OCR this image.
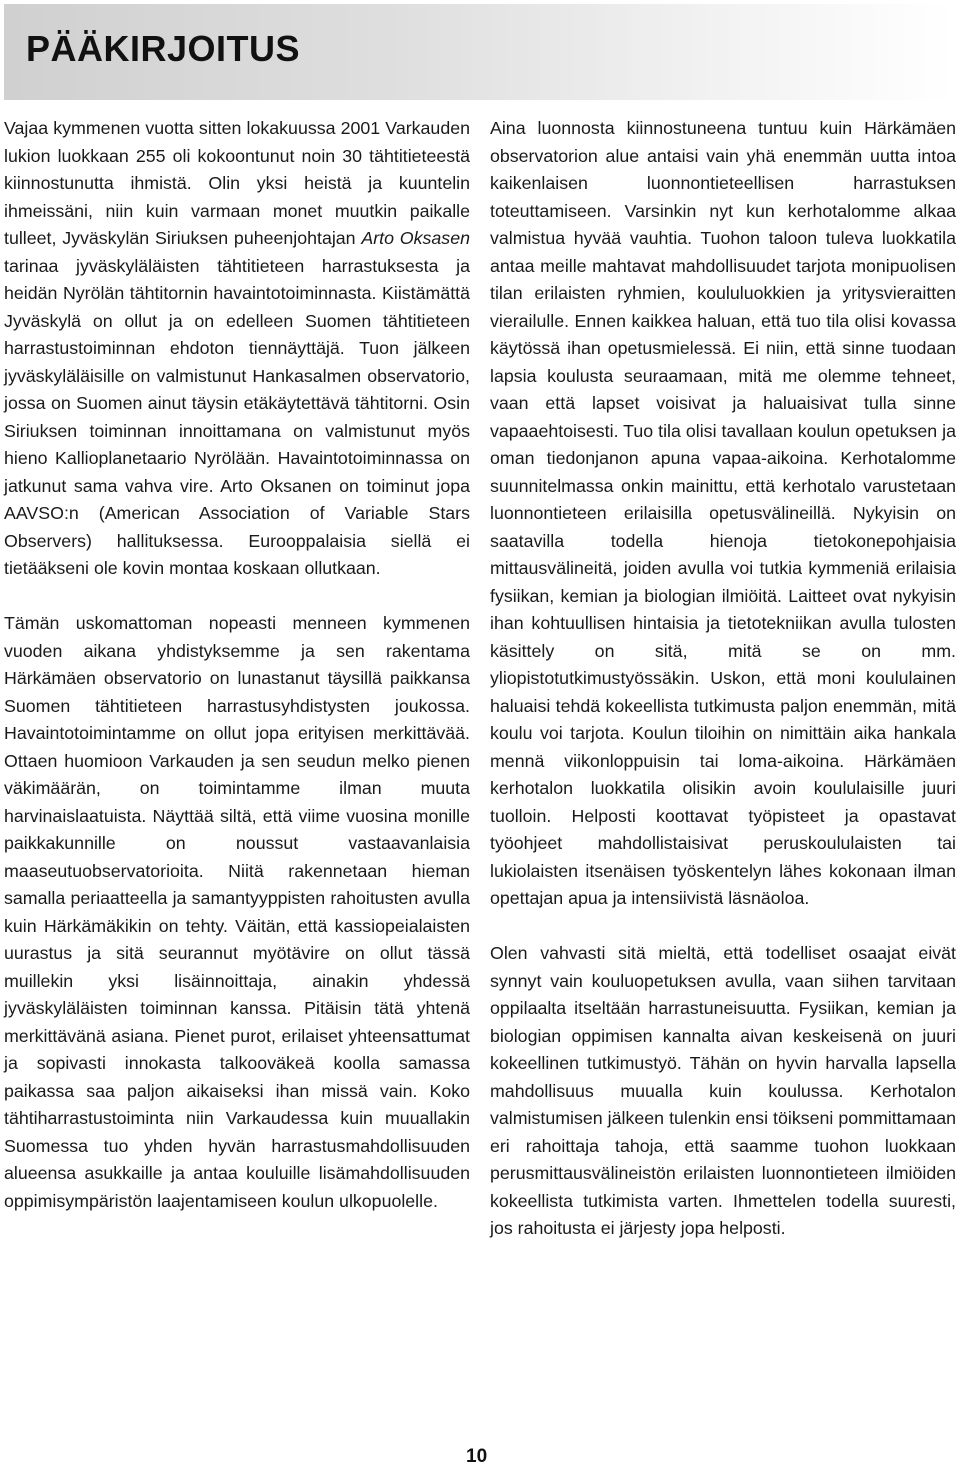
PÄÄKIRJOITUS

Vajaa kymmenen vuotta sitten lokakuussa 2001 Varkauden lukion luokkaan 255 oli kokoontunut noin 30 tähtitieteestä kiinnostunutta ihmistä. Olin yksi heistä ja kuuntelin ihmeissäni, niin kuin varmaan monet muutkin paikalle tulleet, Jyväskylän Siriuksen puheenjohtajan Arto Oksasen tarinaa jyväskyläläisten tähtitieteen harrastuksesta ja heidän Nyrölän tähtitornin havaintotoiminnasta. Kiistämättä Jyväskylä on ollut ja on edelleen Suomen tähtitieteen harrastustoiminnan ehdoton tiennäyttäjä. Tuon jälkeen jyväskyläläisille on valmistunut Hankasalmen observatorio, jossa on Suomen ainut täysin etäkäytettävä tähtitorni. Osin Siriuksen toiminnan innoittamana on valmistunut myös hieno Kallioplanetaario Nyrölään. Havaintotoiminnassa on jatkunut sama vahva vire. Arto Oksanen on toiminut jopa AAVSO:n (American Association of Variable Stars Observers) hallituksessa. Eurooppalaisia siellä ei tietääkseni ole kovin montaa koskaan ollutkaan.

Tämän uskomattoman nopeasti menneen kymmenen vuoden aikana yhdistyksemme ja sen rakentama Härkämäen observatorio on lunastanut täysillä paikkansa Suomen tähtitieteen harrastusyhdistysten joukossa. Havaintotoimintamme on ollut jopa erityisen merkittävää. Ottaen huomioon Varkauden ja sen seudun melko pienen väkimäärän, on toimintamme ilman muuta harvinaislaatuista. Näyttää siltä, että viime vuosina monille paikkakunnille on noussut vastaavanlaisia maaseutuobservatorioita. Niitä rakennetaan hieman samalla periaatteella ja samantyyppisten rahoitusten avulla kuin Härkämäkikin on tehty. Väitän, että kassiopeialaisten uurastus ja sitä seurannut myötävire on ollut tässä muillekin yksi lisäinnoittaja, ainakin yhdessä jyväskyläläisten toiminnan kanssa. Pitäisin tätä yhtenä merkittävänä asiana. Pienet purot, erilaiset yhteensattumat ja sopivasti innokasta talkooväkeä koolla samassa paikassa saa paljon aikaiseksi ihan missä vain. Koko tähtiharrastustoiminta niin Varkaudessa kuin muuallakin Suomessa tuo yhden hyvän harrastusmahdollisuuden alueensa asukkaille ja antaa kouluille lisämahdollisuuden oppimisympäristön laajentamiseen koulun ulkopuolelle.

Aina luonnosta kiinnostuneena tuntuu kuin Härkämäen observatorion alue antaisi vain yhä enemmän uutta intoa kaikenlaisen luonnontieteellisen harrastuksen toteuttamiseen. Varsinkin nyt kun kerhotalomme alkaa valmistua hyvää vauhtia. Tuohon taloon tuleva luokkatila antaa meille mahtavat mahdollisuudet tarjota monipuolisen tilan erilaisten ryhmien, koululuokkien ja yritysvieraitten vierailulle. Ennen kaikkea haluan, että tuo tila olisi kovassa käytössä ihan opetusmielessä. Ei niin, että sinne tuodaan lapsia koulusta seuraamaan, mitä me olemme tehneet, vaan että lapset voisivat ja haluaisivat tulla sinne vapaaehtoisesti. Tuo tila olisi tavallaan koulun opetuksen ja oman tiedonjanon apuna vapaa-aikoina. Kerhotalomme suunnitelmassa onkin mainittu, että kerhotalo varustetaan luonnontieteen erilaisilla opetusvälineillä. Nykyisin on saatavilla todella hienoja tietokonepohjaisia mittausvälineitä, joiden avulla voi tutkia kymmeniä erilaisia fysiikan, kemian ja biologian ilmiöitä. Laitteet ovat nykyisin ihan kohtuullisen hintaisia ja tietotekniikan avulla tulosten käsittely on sitä, mitä se on mm. yliopistotutkimustyössäkin. Uskon, että moni koululainen haluaisi tehdä kokeellista tutkimusta paljon enemmän, mitä koulu voi tarjota. Koulun tiloihin on nimittäin aika hankala mennä viikonloppuisin tai loma-aikoina. Härkämäen kerhotalon luokkatila olisikin avoin koululaisille juuri tuolloin. Helposti koottavat työpisteet ja opastavat työohjeet mahdollistaisivat peruskoululaisten tai lukiolaisten itsenäisen työskentelyn lähes kokonaan ilman opettajan apua ja intensiivistä läsnäoloa.

Olen vahvasti sitä mieltä, että todelliset osaajat eivät synnyt vain kouluopetuksen avulla, vaan siihen tarvitaan oppilaalta itseltään harrastuneisuutta. Fysiikan, kemian ja biologian oppimisen kannalta aivan keskeisenä on juuri kokeellinen tutkimustyö. Tähän on hyvin harvalla lapsella mahdollisuus muualla kuin koulussa. Kerhotalon valmistumisen jälkeen tulenkin ensi töikseni pommittamaan eri rahoittaja tahoja, että saamme tuohon luokkaan perusmittausvälineistön erilaisten luonnontieteen ilmiöiden kokeellista tutkimista varten. Ihmettelen todella suuresti, jos rahoitusta ei järjesty jopa helposti.

10
